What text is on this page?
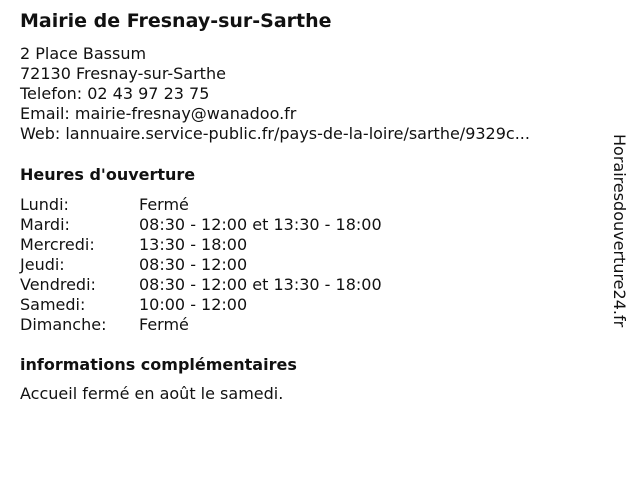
Mairie de Fresnay-sur-Sarthe
2 Place Bassum
72130 Fresnay-sur-Sarthe
Telefon: 02 43 97 23 75
Email: mairie-fresnay@wanadoo.fr
Web: lannuaire.service-public.fr/pays-de-la-loire/sarthe/9329c...
Heures d'ouverture
Lundi:	Fermé
Mardi:	08:30 - 12:00 et 13:30 - 18:00
Mercredi:	13:30 - 18:00
Jeudi:	08:30 - 12:00
Vendredi:	08:30 - 12:00 et 13:30 - 18:00
Samedi:	10:00 - 12:00
Dimanche:	Fermé
informations complémentaires
Accueil fermé en août le samedi.
Horairesdouverture24.fr
